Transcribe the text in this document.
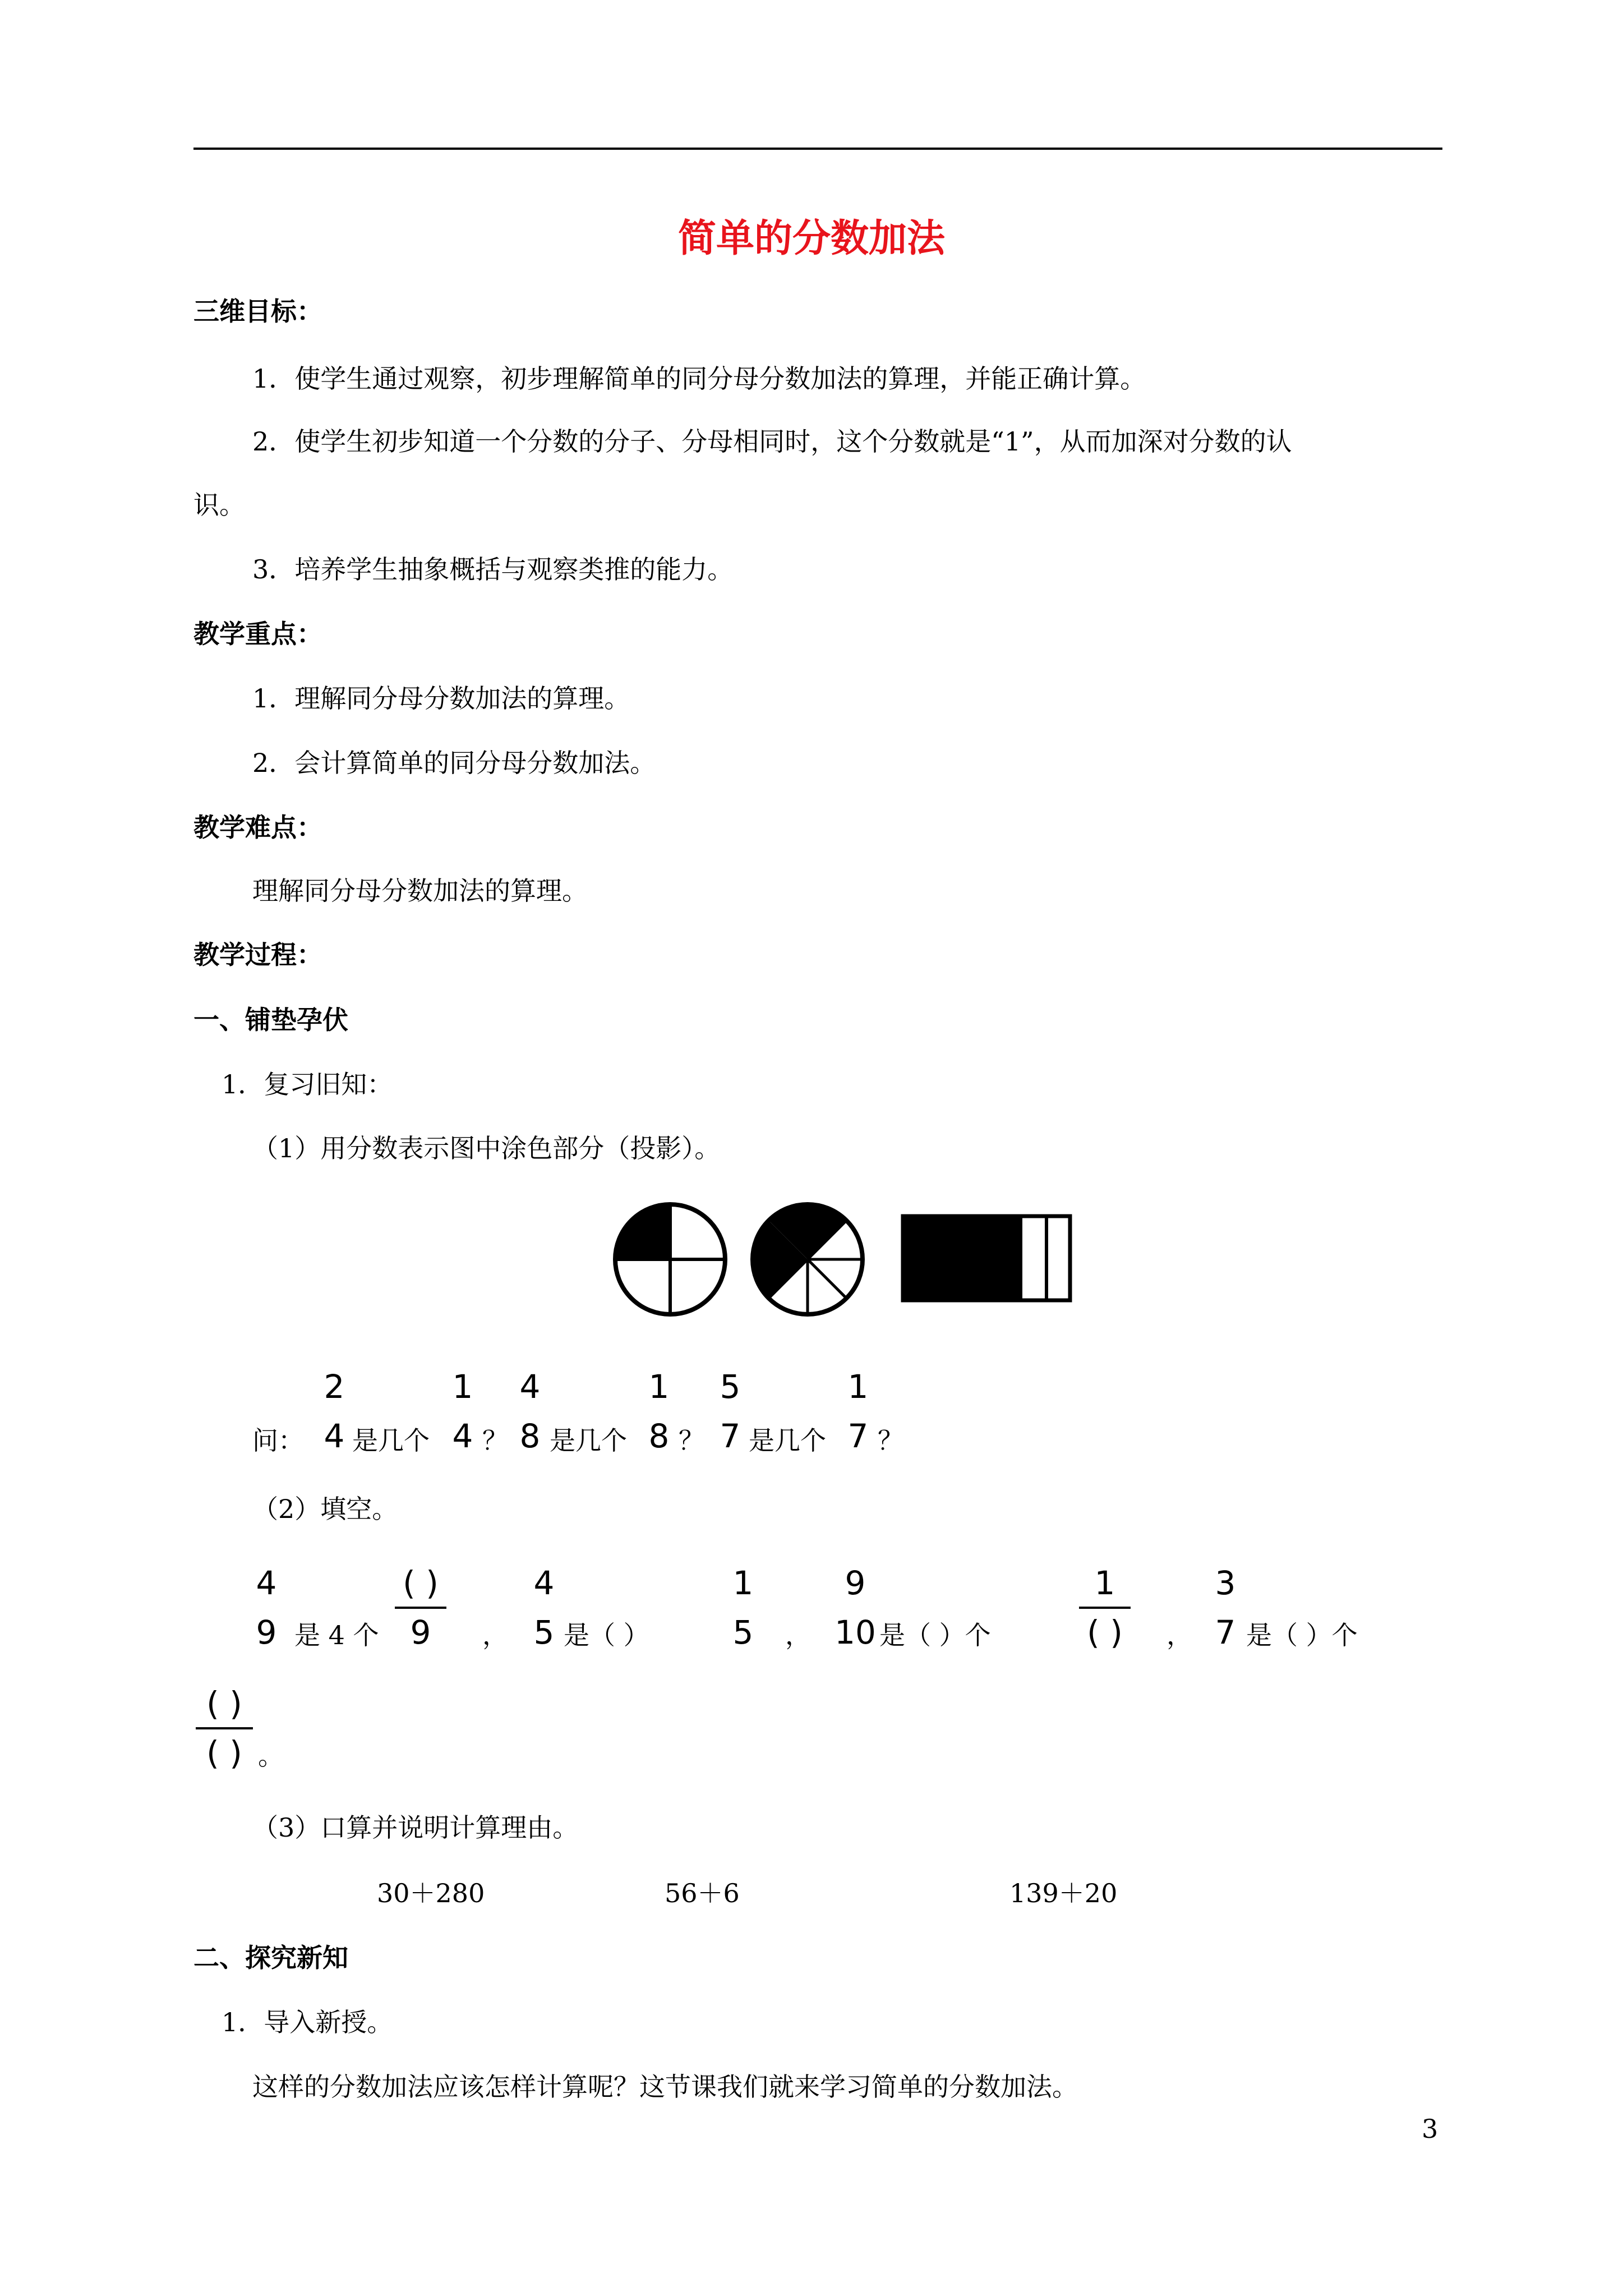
简单的分数加法
三维目标：
1．使学生通过观察，初步理解简单的同分母分数加法的算理，并能正确计算。
2．使学生初步知道一个分数的分子、分母相同时，这个分数就是“1”，从而加深对分数的认
识。
3．培养学生抽象概括与观察类推的能力。
教学重点：
1．理解同分母分数加法的算理。
2．会计算简单的同分母分数加法。
教学难点：
理解同分母分数加法的算理。
教学过程：
一、铺垫孕伏
1．复习旧知：
（1）用分数表示图中涂色部分（投影）。
问：
2
4 是几个
1
4 ？
4
8 是几个
1
8 ？
5
7 是几个
1
7 ？
（2）填空。
4
9 是 4 个
( )
9	，
4
5 是（ ）
1
5	，
9
10 是（ ）个
1
( )	，
3
7 是（ ）个
( )
( ) 。
（3）口算并说明计算理由。
30＋280	56＋6	139＋20
二、探究新知
1．导入新授。
这样的分数加法应该怎样计算呢？这节课我们就来学习简单的分数加法。
3
